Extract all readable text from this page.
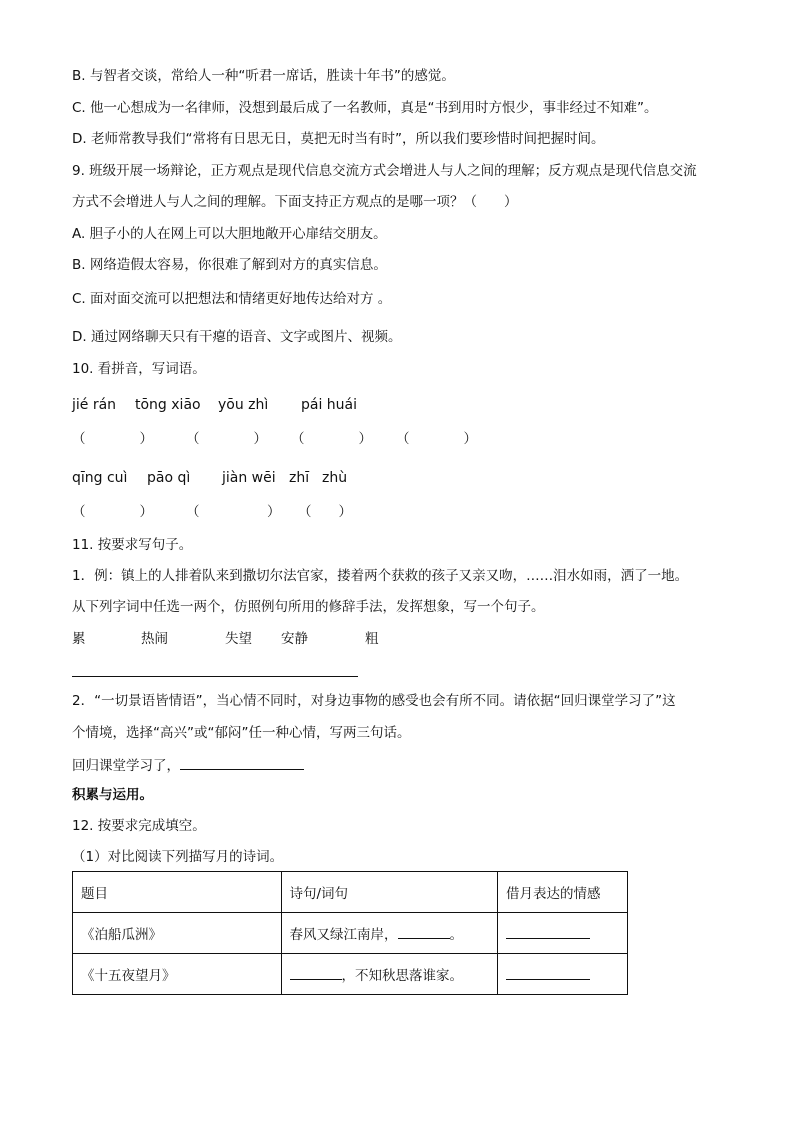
B. 与智者交谈，常给人一种“听君一席话，胜读十年书”的感觉。
C. 他一心想成为一名律师，没想到最后成了一名教师，真是“书到用时方恨少，事非经过不知难”。
D. 老师常教导我们“常将有日思无日，莫把无时当有时”，所以我们要珍惜时间把握时间。
9. 班级开展一场辩论，正方观点是现代信息交流方式会增进人与人之间的理解；反方观点是现代信息交流
方式不会增进人与人之间的理解。下面支持正方观点的是哪一项？（　　）
A. 胆子小的人在网上可以大胆地敞开心扉结交朋友。
B. 网络造假太容易，你很难了解到对方的真实信息。
C. 面对面交流可以把想法和情绪更好地传达给对方 。
D. 通过网络聊天只有干瘪的语音、文字或图片、视频。
10. 看拼音，写词语。
jié rán tōng xiāo yōu zhì pái huái
（　　　　） （　　　　） （　　　　） （　　　　）
qīng cuì pāo qì jiàn wēi zhī zhù
（　　　　） （　　　　　） （　　）
11. 按要求写句子。
1．例：镇上的人排着队来到撒切尔法官家，搂着两个获救的孩子又亲又吻，……泪水如雨，洒了一地。
从下列字词中任选一两个，仿照例句所用的修辞手法，发挥想象，写一个句子。
累	热闹	失望 安静	粗
2．“一切景语皆情语”，当心情不同时，对身边事物的感受也会有所不同。请依据“回归课堂学习了”这
个情境，选择“高兴”或“郁闷”任一种心情，写两三句话。
回归课堂学习了，
积累与运用。
12. 按要求完成填空。
（1）对比阅读下列描写月的诗词。
题目	诗句/词句	借月表达的情感
《泊船瓜洲》	春风又绿江南岸， 。	
《十五夜望月》	，不知秋思落谁家。	
